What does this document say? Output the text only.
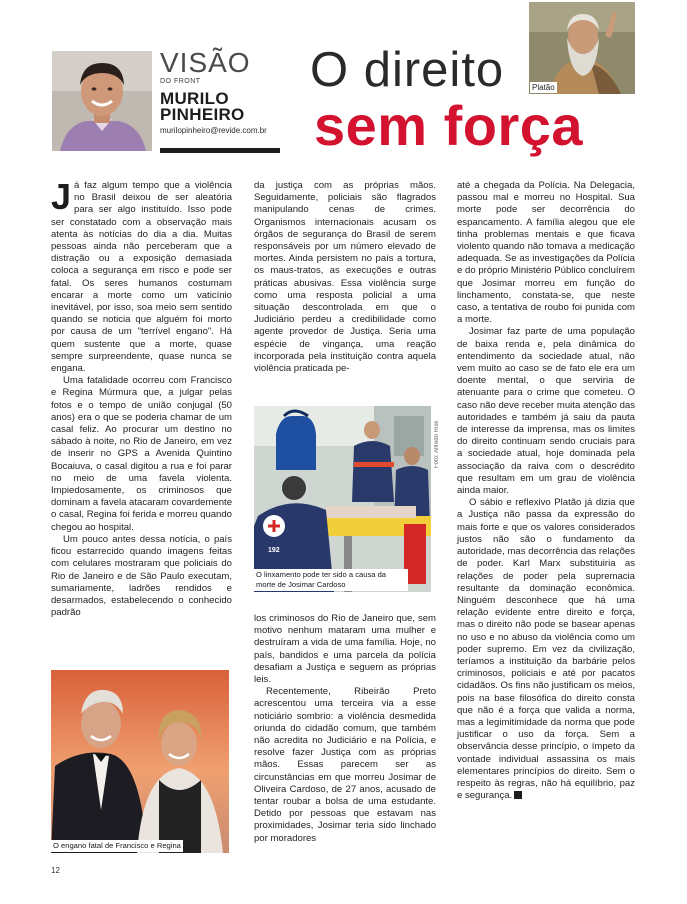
VISÃO
DO FRONT
MURILO PINHEIRO
murilopinheiro@revide.com.br
O direito
sem força
Platão

Já faz algum tempo que a violência no Brasil deixou de ser aleatória para ser algo instituído. Isso pode ser constatado com a observação mais atenta às notícias do dia a dia. Muitas pessoas ainda não perceberam que a distração ou a exposição demasiada coloca a segurança em risco e pode ser fatal. Os seres humanos costumam encarar a morte como um vaticínio inevitável, por isso, soa meio sem sentido quando se noticia que alguém foi morto por causa de um "terrível engano". Há quem sustente que a morte, quase sempre surpreendente, quase nunca se engana.

Uma fatalidade ocorreu com Francisco e Regina Múrmura que, a julgar pelas fotos e o tempo de união conjugal (50 anos) era o que se poderia chamar de um casal feliz. Ao procurar um destino no sábado à noite, no Rio de Janeiro, em vez de inserir no GPS a Avenida Quintino Bocaiuva, o casal digitou a rua e foi parar no meio de uma favela violenta. Impiedosamente, os criminosos que dominam a favela atacaram covardemente o casal, Regina foi ferida e morreu quando chegou ao hospital.

Um pouco antes dessa notícia, o país ficou estarrecido quando imagens feitas com celulares mostraram que policiais do Rio de Janeiro e de São Paulo executam, sumariamente, ladrões rendidos e desarmados, estabelecendo o conhecido padrão

da justiça com as próprias mãos. Seguidamente, policiais são flagrados manipulando cenas de crimes. Organismos internacionais acusam os órgãos de segurança do Brasil de serem responsáveis por um número elevado de mortes. Ainda persistem no país a tortura, os maus-tratos, as execuções e outras práticas abusivas. Essa violência surge como uma resposta policial a uma situação descontrolada em que o Judiciário perdeu a credibilidade como agente provedor de Justiça. Seria uma espécie de vingança, uma reação incorporada pela instituição contra aquela violência praticada pe-

192
Foto: Alfredo Risk
O linxamento pode ter sido a causa da morte de Josimar Cardoso

los criminosos do Rio de Janeiro que, sem motivo nenhum mataram uma mulher e destruíram a vida de uma família. Hoje, no país, bandidos e uma parcela da polícia desafiam a Justiça e seguem as próprias leis.

Recentemente, Ribeirão Preto acrescentou uma terceira via a esse noticiário sombrio: a violência desmedida oriunda do cidadão comum, que também não acredita no Judiciário e na Polícia, e resolve fazer Justiça com as próprias mãos. Essas parecem ser as circunstâncias em que morreu Josimar de Oliveira Cardoso, de 27 anos, acusado de tentar roubar a bolsa de uma estudante. Detido por pessoas que estavam nas proximidades, Josimar teria sido linchado por moradores

até a chegada da Polícia. Na Delegacia, passou mal e morreu no Hospital. Sua morte pode ser decorrência do espancamento. A família alegou que ele tinha problemas mentais e que ficava violento quando não tomava a medicação adequada. Se as investigações da Polícia e do próprio Ministério Público concluírem que Josimar morreu em função do linchamento, constata-se, que neste caso, a tentativa de roubo foi punida com a morte.

Josimar faz parte de uma população de baixa renda e, pela dinâmica do entendimento da sociedade atual, não vem muito ao caso se de fato ele era um doente mental, o que serviria de atenuante para o crime que cometeu. O caso não deve receber muita atenção das autoridades e também já saiu da pauta de interesse da imprensa, mas os limites do direito continuam sendo cruciais para a sociedade atual, hoje dominada pela associação da raiva com o descrédito que resultam em um grau de violência ainda maior.

O sábio e reflexivo Platão já dizia que a Justiça não passa da expressão do mais forte e que os valores considerados justos não são o fundamento da autoridade, mas decorrência das relações de poder. Karl Marx substituiria as relações de poder pela supremacia resultante da dominação econômica. Ninguém desconhece que há uma relação evidente entre direito e força, mas o direito não pode se basear apenas no uso e no abuso da violência como um poder supremo. Em vez da civilização, teríamos a instituição da barbárie pelos criminosos, policiais e até por pacatos cidadãos. Os fins não justificam os meios, pois na base filosófica do direito consta que não é a força que valida a norma, mas a legimitimidade da norma que pode justificar o uso da força. Sem a observância desse princípio, o ímpeto da vontade individual assassina os mais elementares princípios do direito. Sem o respeito às regras, não há equilíbrio, paz e segurança.

O engano fatal de Francisco e Regina
12
